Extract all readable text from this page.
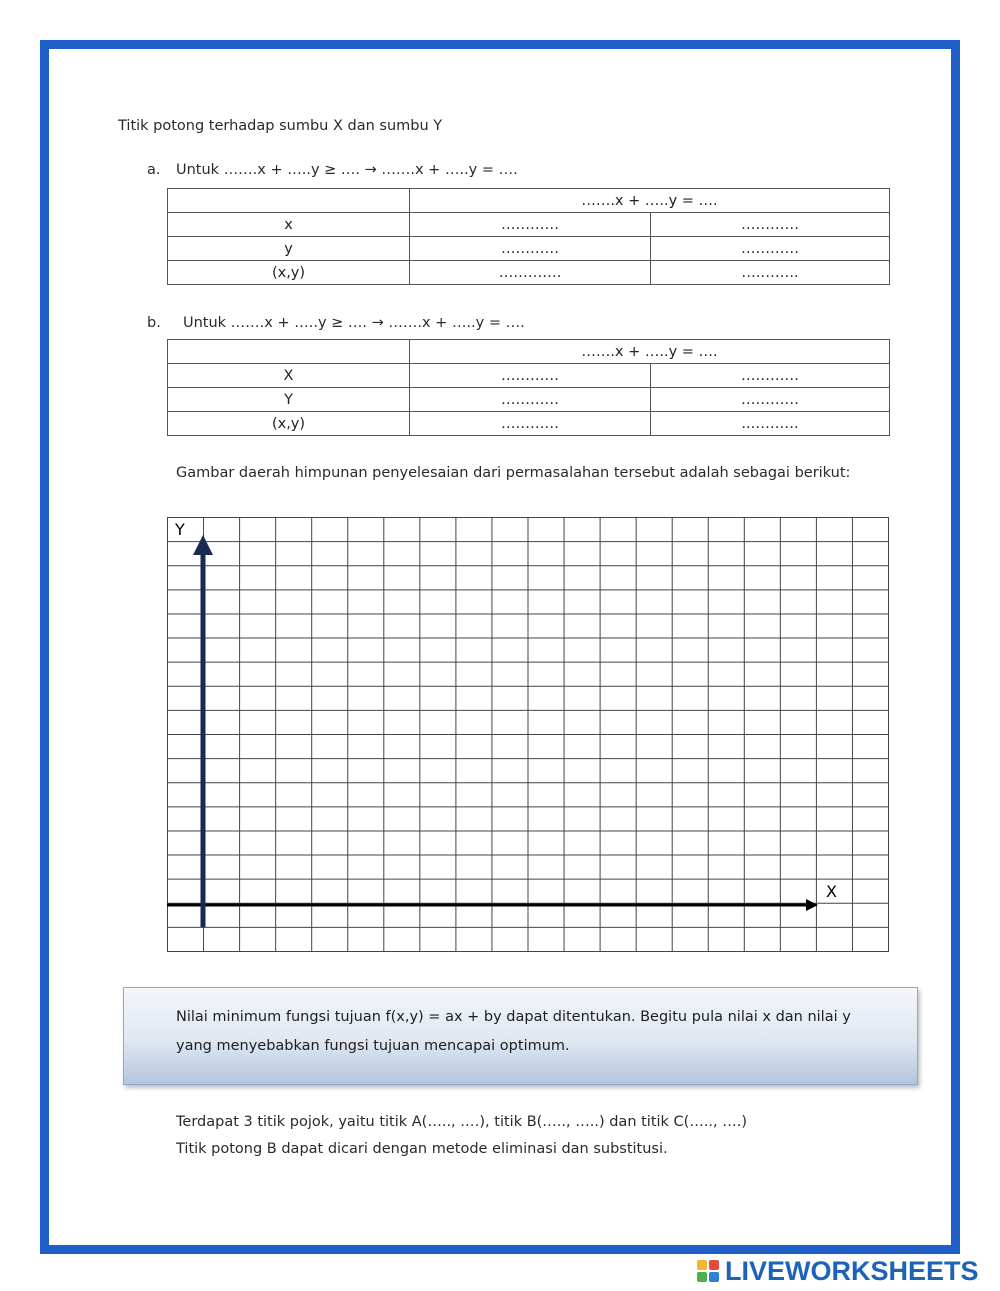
Titik potong terhadap sumbu X dan sumbu Y
a. Untuk …….x + …..y ≥ …. → …….x + …..y = ….
	…….x + …..y = ….	
x	…………	…………
y	…………	…………
(x,y)	………….	….……..
b. Untuk …….x + …..y ≥ …. → …….x + …..y = ….
	…….x + …..y = ….	
X	…………	…………
Y	…………	…………
(x,y)	…………	..……….
Gambar daerah himpunan penyelesaian dari permasalahan tersebut adalah sebagai berikut:
Y
X
Nilai minimum fungsi tujuan f(x,y) = ax + by dapat ditentukan. Begitu pula nilai x dan nilai y
yang menyebabkan fungsi tujuan mencapai optimum.
Terdapat 3 titik pojok, yaitu titik A(….., .…), titik B(….., …..) dan titik C(….., ….)
Titik potong B dapat dicari dengan metode eliminasi dan substitusi.
LIVEWORKSHEETS
